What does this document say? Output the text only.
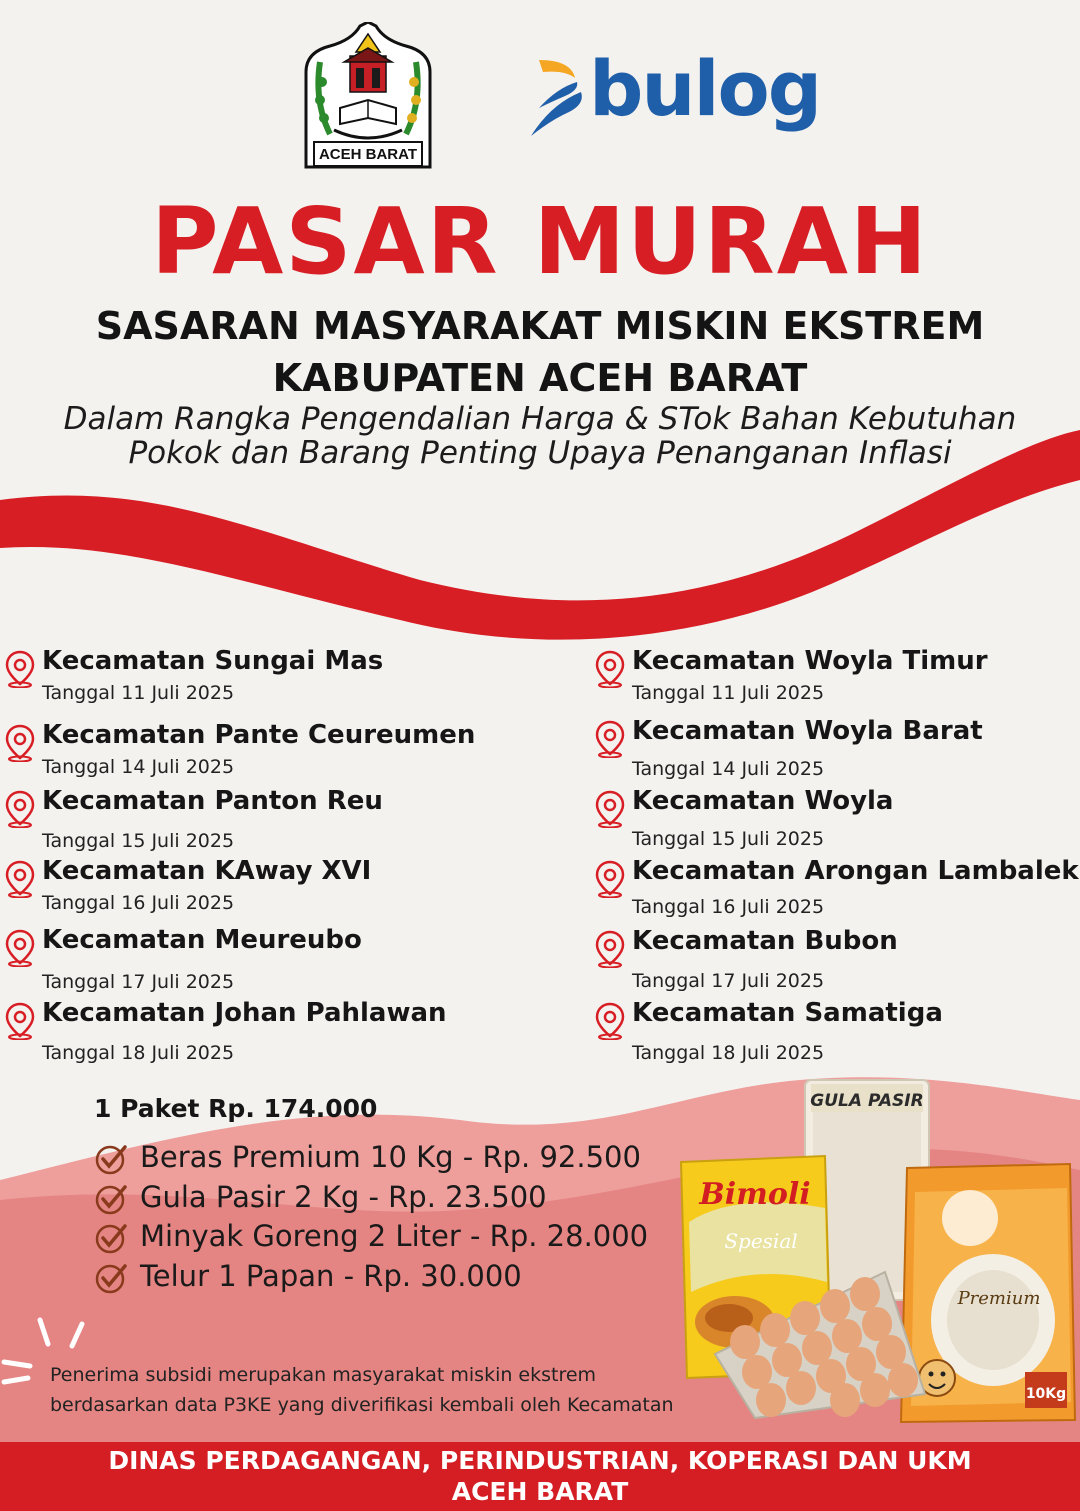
ACEH BARAT
bulog
PASAR MURAH
SASARAN MASYARAKAT MISKIN EKSTREM
KABUPATEN ACEH BARAT
Dalam Rangka Pengendalian Harga & STok Bahan Kebutuhan
Pokok dan Barang Penting Upaya Penanganan Inflasi
Kecamatan Sungai Mas
Tanggal 11 Juli 2025
Kecamatan Pante Ceureumen
Tanggal 14 Juli 2025
Kecamatan Panton Reu
Tanggal 15 Juli 2025
Kecamatan KAway XVI
Tanggal 16 Juli 2025
Kecamatan Meureubo
Tanggal 17 Juli 2025
Kecamatan Johan Pahlawan
Tanggal 18 Juli 2025
Kecamatan Woyla Timur
Tanggal 11 Juli 2025
Kecamatan Woyla Barat
Tanggal 14 Juli 2025
Kecamatan Woyla
Tanggal 15 Juli 2025
Kecamatan Arongan Lambalek
Tanggal 16 Juli 2025
Kecamatan Bubon
Tanggal 17 Juli 2025
Kecamatan Samatiga
Tanggal 18 Juli 2025
1 Paket Rp. 174.000
Beras Premium 10 Kg - Rp. 92.500
Gula Pasir 2 Kg - Rp. 23.500
Minyak Goreng 2 Liter - Rp. 28.000
Telur 1 Papan - Rp. 30.000
GULA PASIR
Premium
10Kg
Bimoli
Spesial
Penerima subsidi merupakan masyarakat miskin ekstrem
berdasarkan data P3KE yang diverifikasi kembali oleh Kecamatan
DINAS PERDAGANGAN, PERINDUSTRIAN, KOPERASI DAN UKM
ACEH BARAT
